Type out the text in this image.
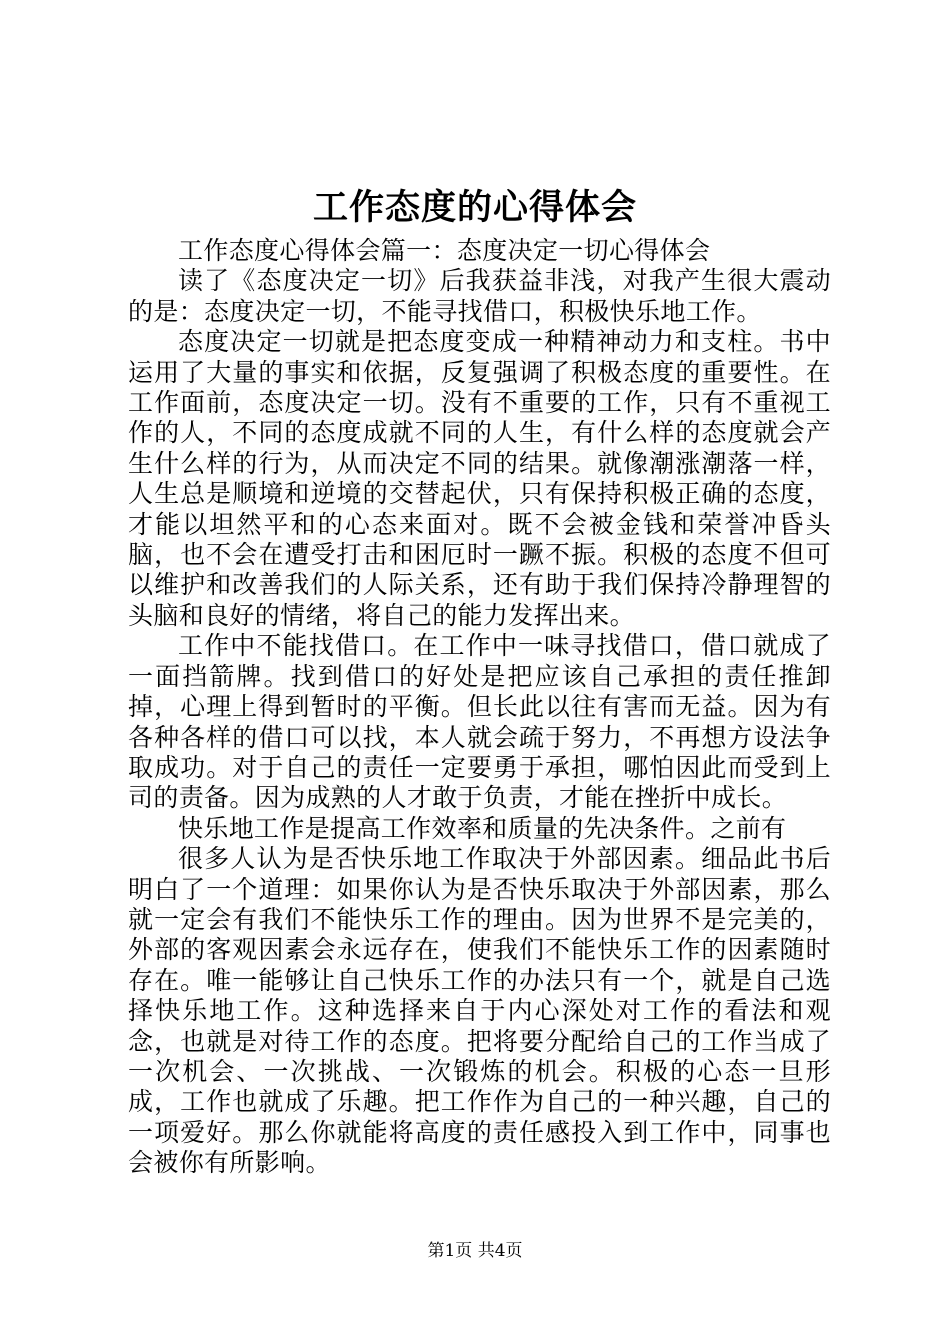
工作态度的心得体会

工作态度心得体会篇一：态度决定一切心得体会

读了《态度决定一切》后我获益非浅，对我产生很大震动的是：态度决定一切，不能寻找借口，积极快乐地工作。

态度决定一切就是把态度变成一种精神动力和支柱。书中运用了大量的事实和依据，反复强调了积极态度的重要性。在工作面前，态度决定一切。没有不重要的工作，只有不重视工作的人，不同的态度成就不同的人生，有什么样的态度就会产生什么样的行为，从而决定不同的结果。就像潮涨潮落一样，人生总是顺境和逆境的交替起伏，只有保持积极正确的态度，才能以坦然平和的心态来面对。既不会被金钱和荣誉冲昏头脑，也不会在遭受打击和困厄时一蹶不振。积极的态度不但可以维护和改善我们的人际关系，还有助于我们保持冷静理智的头脑和良好的情绪，将自己的能力发挥出来。

工作中不能找借口。在工作中一味寻找借口，借口就成了一面挡箭牌。找到借口的好处是把应该自己承担的责任推卸掉，心理上得到暂时的平衡。但长此以往有害而无益。因为有各种各样的借口可以找，本人就会疏于努力，不再想方设法争取成功。对于自己的责任一定要勇于承担，哪怕因此而受到上司的责备。因为成熟的人才敢于负责，才能在挫折中成长。

快乐地工作是提高工作效率和质量的先决条件。之前有

很多人认为是否快乐地工作取决于外部因素。细品此书后明白了一个道理：如果你认为是否快乐取决于外部因素，那么就一定会有我们不能快乐工作的理由。因为世界不是完美的，外部的客观因素会永远存在，使我们不能快乐工作的因素随时存在。唯一能够让自己快乐工作的办法只有一个，就是自己选择快乐地工作。这种选择来自于内心深处对工作的看法和观念，也就是对待工作的态度。把将要分配给自己的工作当成了一次机会、一次挑战、一次锻炼的机会。积极的心态一旦形成，工作也就成了乐趣。把工作作为自己的一种兴趣，自己的一项爱好。那么你就能将高度的责任感投入到工作中，同事也会被你有所影响。

第1页 共4页
